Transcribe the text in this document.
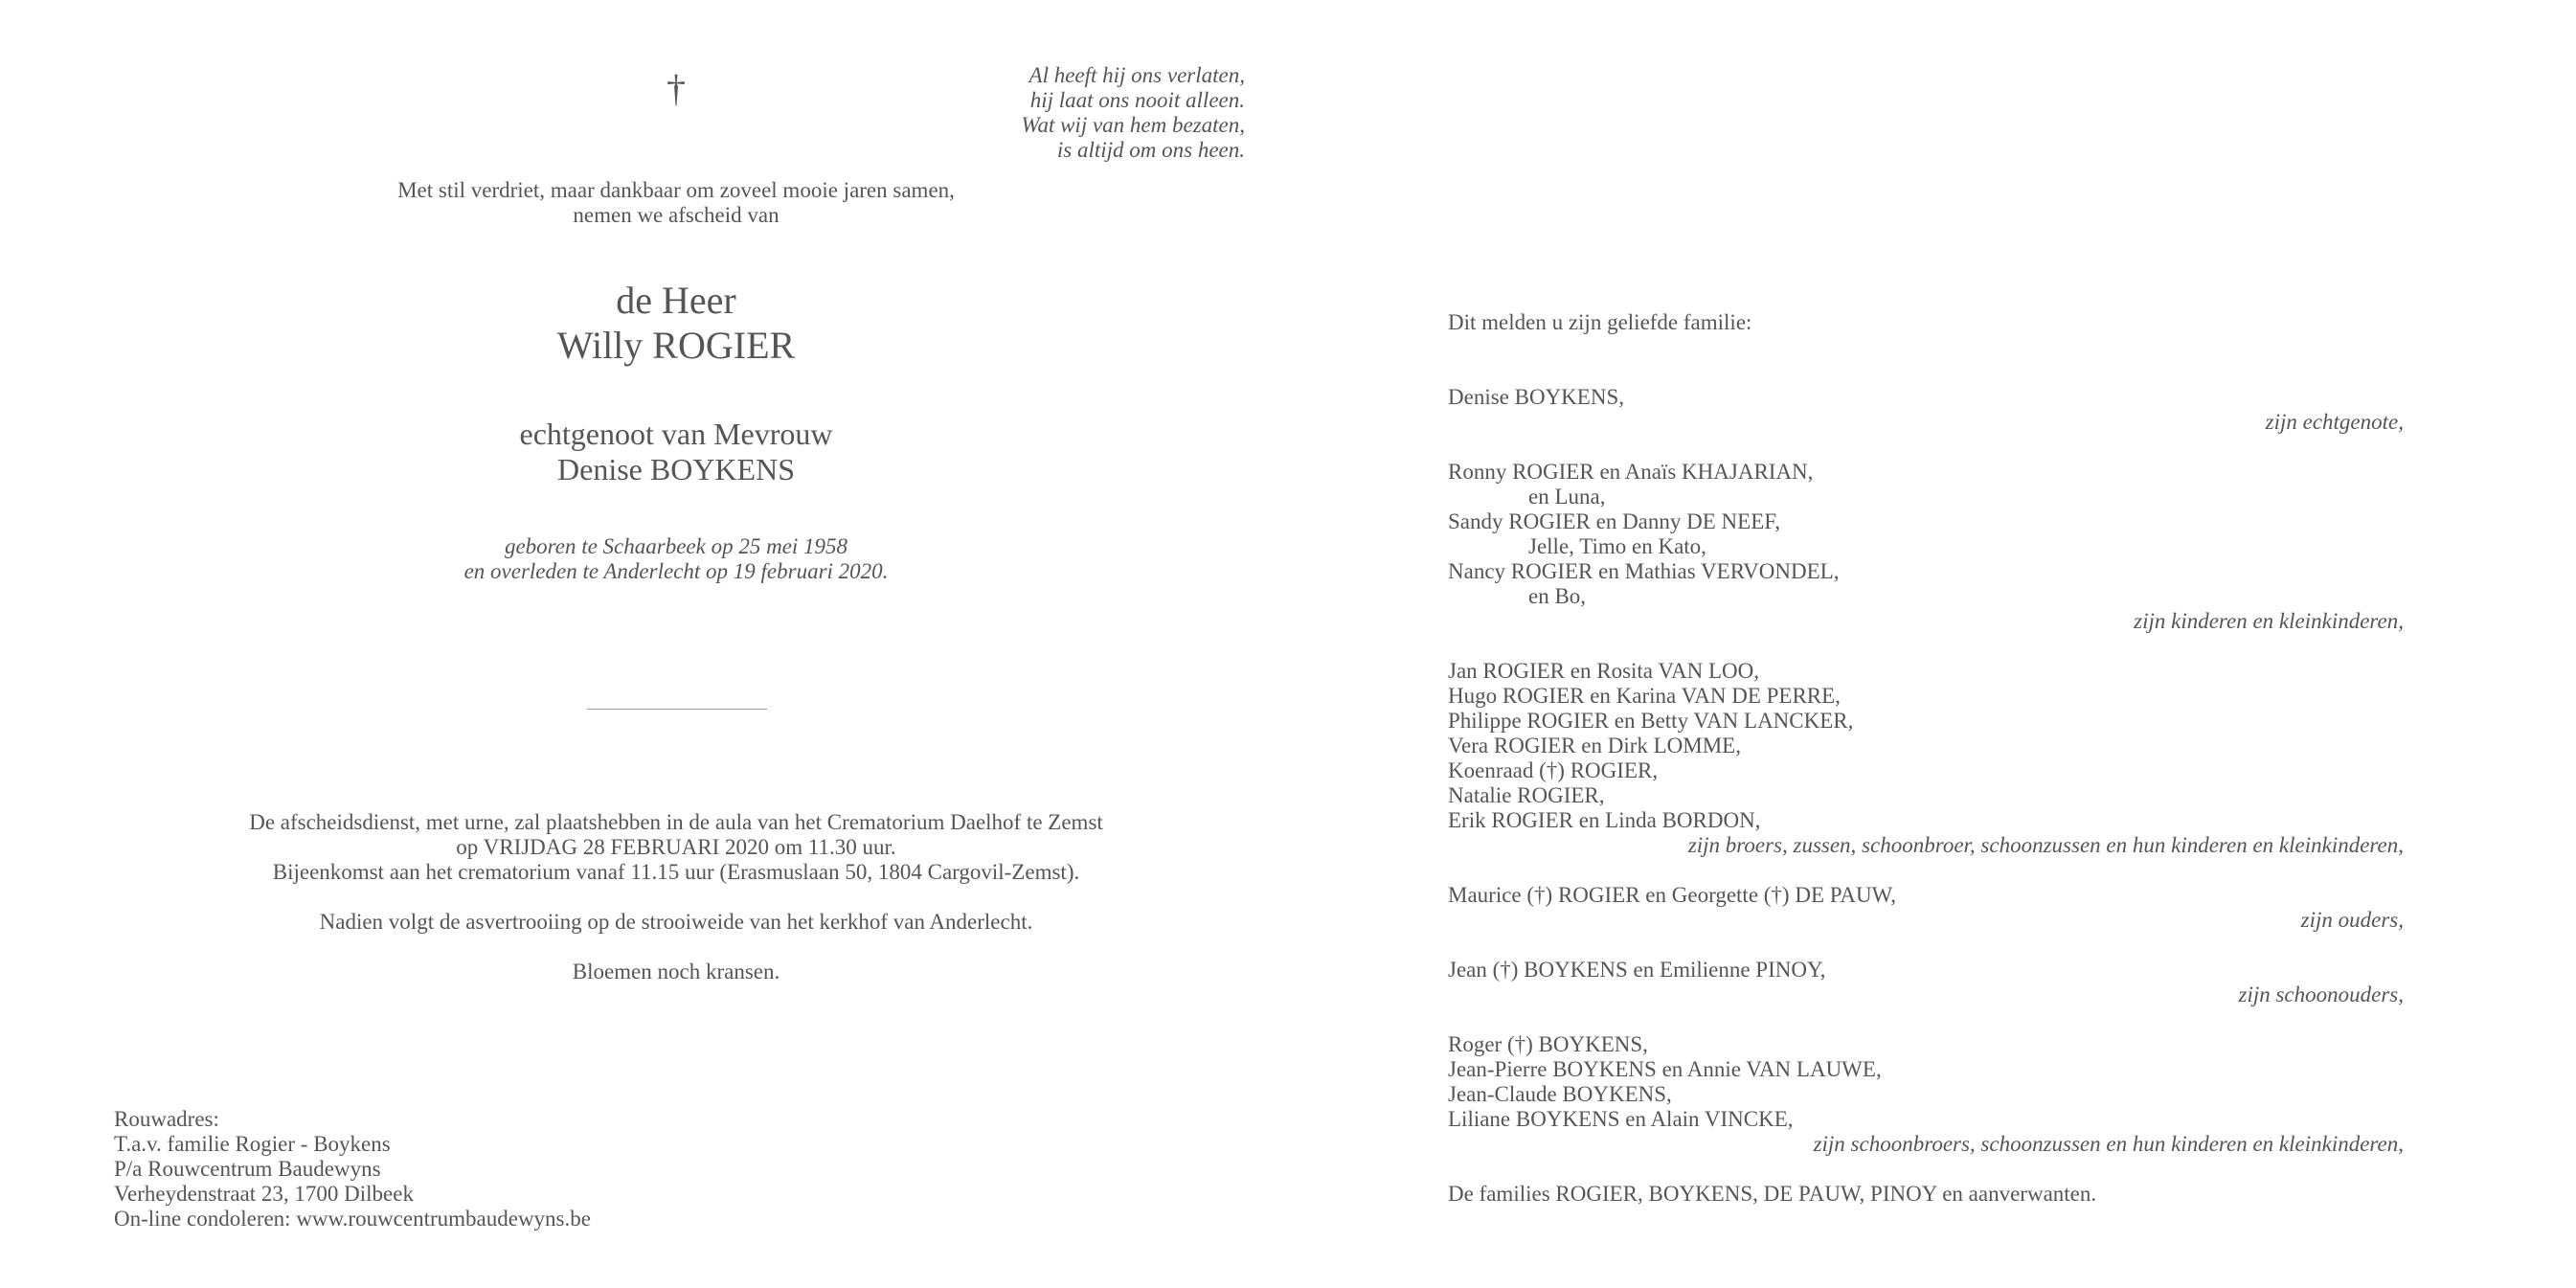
†	Al heeft hij ons verlaten,

hij laat ons nooit alleen.

Wat wij van hem bezaten,

is altijd om ons heen.

Met stil verdriet, maar dankbaar om zoveel mooie jaren samen,

nemen we afscheid van

de Heer

Willy ROGIER

echtgenoot van Mevrouw

Denise BOYKENS

geboren te Schaarbeek op 25 mei 1958

en overleden te Anderlecht op 19 februari 2020.

De afscheidsdienst, met urne, zal plaatshebben in de aula van het Crematorium Daelhof te Zemst

op VRIJDAG 28 FEBRUARI 2020 om 11.30 uur.

Bijeenkomst aan het crematorium vanaf 11.15 uur (Erasmuslaan 50, 1804 Cargovil-Zemst).

Nadien volgt de asvertrooiing op de strooiweide van het kerkhof van Anderlecht.

Bloemen noch kransen.

Rouwadres:

T.a.v. familie Rogier - Boykens

P/a Rouwcentrum Baudewyns

Verheydenstraat 23, 1700 Dilbeek

On-line condoleren: www.rouwcentrumbaudewyns.be

Dit melden u zijn geliefde familie:

Denise BOYKENS,

zijn echtgenote,

Ronny ROGIER en Anaïs KHAJARIAN,

en Luna,

Sandy ROGIER en Danny DE NEEF,

Jelle, Timo en Kato,

Nancy ROGIER en Mathias VERVONDEL,

en Bo,

zijn kinderen en kleinkinderen,

Jan ROGIER en Rosita VAN LOO,

Hugo ROGIER en Karina VAN DE PERRE,

Philippe ROGIER en Betty VAN LANCKER,

Vera ROGIER en Dirk LOMME,

Koenraad (†) ROGIER,

Natalie ROGIER,

Erik ROGIER en Linda BORDON,

zijn broers, zussen, schoonbroer, schoonzussen en hun kinderen en kleinkinderen,

Maurice (†) ROGIER en Georgette (†) DE PAUW,

zijn ouders,

Jean (†) BOYKENS en Emilienne PINOY,

zijn schoonouders,

Roger (†) BOYKENS,

Jean-Pierre BOYKENS en Annie VAN LAUWE,

Jean-Claude BOYKENS,

Liliane BOYKENS en Alain VINCKE,

zijn schoonbroers, schoonzussen en hun kinderen en kleinkinderen,

De families ROGIER, BOYKENS, DE PAUW, PINOY en aanverwanten.
